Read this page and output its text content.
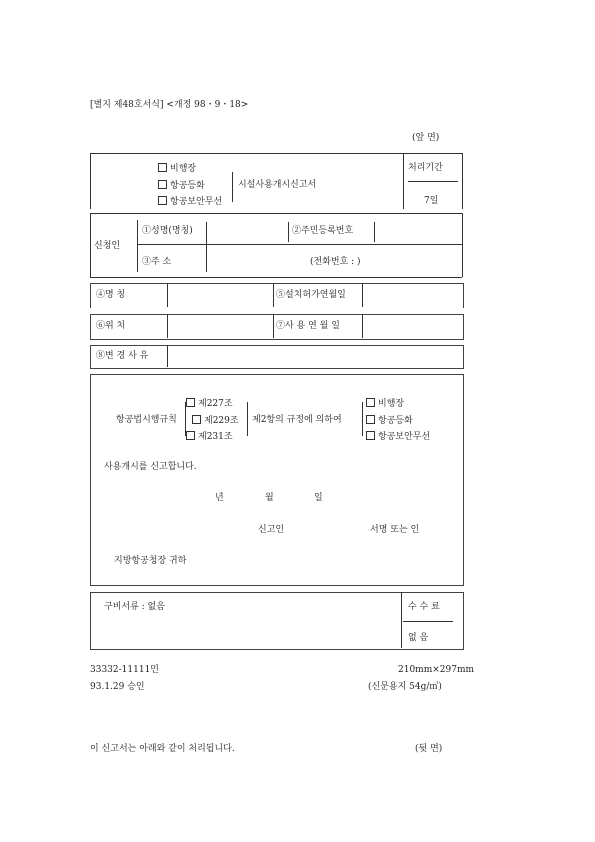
[별지 제48호서식] <개정 98・9・18>
(앞 면)
비행장
항공등화
항공보안무선
시설사용개시신고서
처리기간
7일
신청인
①성명(명칭)	②주민등록번호
③주 소	(전화번호 : )
④명 칭	⑤설치허가연월일
⑥위 치	⑦사 용 연 월 일
⑧변 경 사 유
제227조
항공법시행규칙	제229조
제231조
제2항의 규정에 의하여
비행장
항공등화
항공보안무선
사용개시를 신고합니다.
년	월	일
신고인	서명 또는 인
지방항공청장 귀하
구비서류 : 없음	수 수 료
없 음
33332-11111민
93.1.29 승인
210mm×297mm
(신문용지 54g/㎡)
이 신고서는 아래와 같이 처리됩니다.	(뒷 면)
